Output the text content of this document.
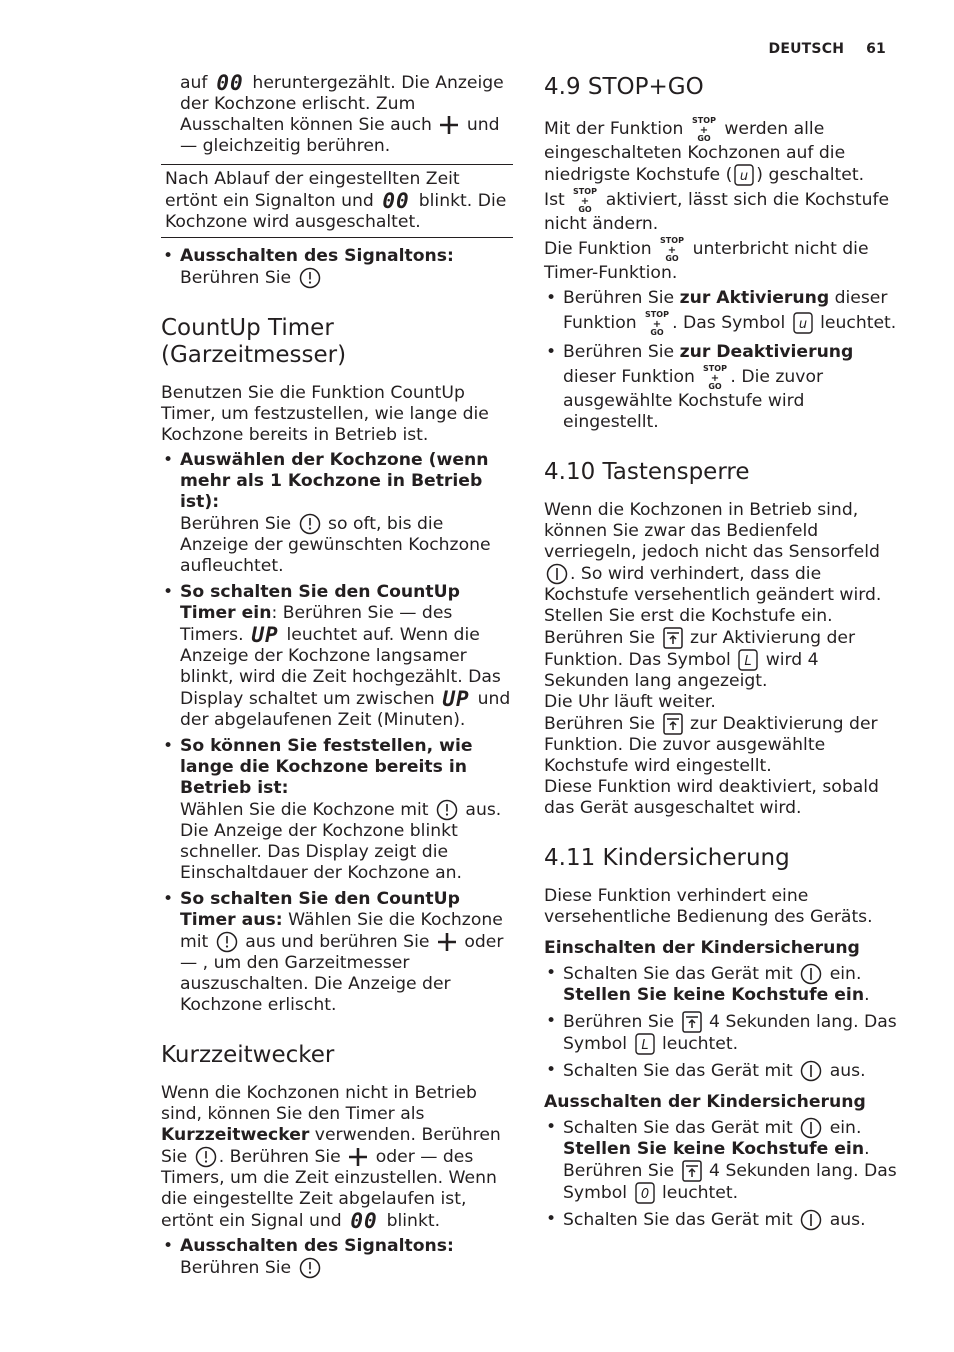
DEUTSCH 61

auf 00 heruntergezählt. Die Anzeige der Kochzone erlischt. Zum Ausschalten können Sie auch und — gleichzeitig berühren.

Nach Ablauf der eingestellten Zeit ertönt ein Signalton und 00 blinkt. Die Kochzone wird ausgeschaltet.
• Ausschalten des Signaltons: Berühren Sie
CountUp Timer (Garzeitmesser)

Benutzen Sie die Funktion CountUp Timer, um festzustellen, wie lange die Kochzone bereits in Betrieb ist.

• Auswählen der Kochzone (wenn mehr als 1 Kochzone in Betrieb ist):
Berühren Sie so oft, bis die Anzeige der gewünschten Kochzone aufleuchtet.
• So schalten Sie den CountUp Timer ein: Berühren Sie — des Timers. UP leuchtet auf. Wenn die Anzeige der Kochzone langsamer blinkt, wird die Zeit hochgezählt. Das Display schaltet um zwischen UP und der abgelaufenen Zeit (Minuten).
• So können Sie feststellen, wie lange die Kochzone bereits in Betrieb ist:
Wählen Sie die Kochzone mit aus. Die Anzeige der Kochzone blinkt schneller. Das Display zeigt die Einschaltdauer der Kochzone an.
• So schalten Sie den CountUp Timer aus: Wählen Sie die Kochzone mit aus und berühren Sie oder — , um den Garzeitmesser auszuschalten. Die Anzeige der Kochzone erlischt.
Kurzzeitwecker

Wenn die Kochzonen nicht in Betrieb sind, können Sie den Timer als Kurzzeitwecker verwenden. Berühren Sie . Berühren Sie oder — des Timers, um die Zeit einzustellen. Wenn die eingestellte Zeit abgelaufen ist, ertönt ein Signal und 00 blinkt.

• Ausschalten des Signaltons: Berühren Sie
4.9 STOP+GO

Mit der Funktion STOP
+
GO werden alle eingeschalteten Kochzonen auf die niedrigste Kochstufe ( u ) geschaltet.

Ist STOP
+
GO aktiviert, lässt sich die Kochstufe nicht ändern.

Die Funktion STOP
+
GO unterbricht nicht die Timer-Funktion.

• Berühren Sie zur Aktivierung dieser Funktion STOP
+
GO . Das Symbol u leuchtet.
• Berühren Sie zur Deaktivierung dieser Funktion STOP
+
GO . Die zuvor ausgewählte Kochstufe wird eingestellt.
4.10 Tastensperre

Wenn die Kochzonen in Betrieb sind, können Sie zwar das Bedienfeld verriegeln, jedoch nicht das Sensorfeld
. So wird verhindert, dass die Kochstufe versehentlich geändert wird.
Stellen Sie erst die Kochstufe ein.
Berühren Sie zur Aktivierung der Funktion. Das Symbol L wird 4 Sekunden lang angezeigt.
Die Uhr läuft weiter.
Berühren Sie zur Deaktivierung der Funktion. Die zuvor ausgewählte Kochstufe wird eingestellt.
Diese Funktion wird deaktiviert, sobald das Gerät ausgeschaltet wird.

4.11 Kindersicherung

Diese Funktion verhindert eine versehentliche Bedienung des Geräts.

Einschalten der Kindersicherung
• Schalten Sie das Gerät mit ein.
Stellen Sie keine Kochstufe ein.
• Berühren Sie 4 Sekunden lang. Das Symbol L leuchtet.
• Schalten Sie das Gerät mit aus.
Ausschalten der Kindersicherung
• Schalten Sie das Gerät mit ein.
Stellen Sie keine Kochstufe ein. Berühren Sie 4 Sekunden lang. Das Symbol 0 leuchtet.
• Schalten Sie das Gerät mit aus.
